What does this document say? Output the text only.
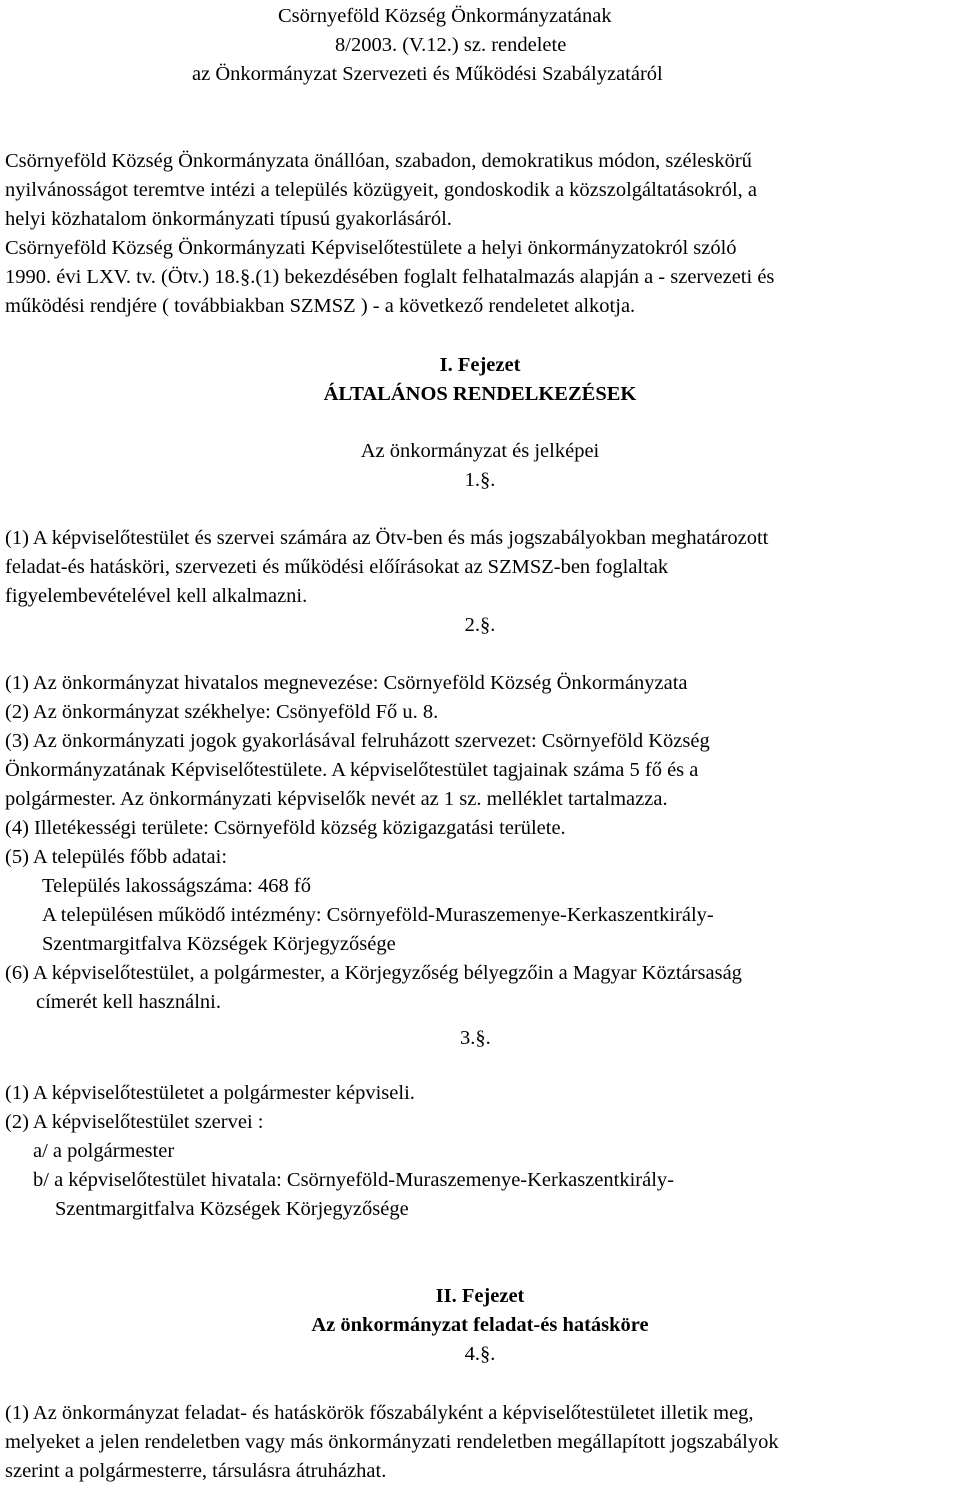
Csörnyeföld Község Önkormányzatának
8/2003. (V.12.) sz. rendelete
az Önkormányzat Szervezeti és Működési Szabályzatáról
Csörnyeföld Község Önkormányzata önállóan, szabadon, demokratikus módon, széleskörű
nyilvánosságot teremtve intézi a település közügyeit, gondoskodik a közszolgáltatásokról, a
helyi közhatalom önkormányzati típusú gyakorlásáról.
Csörnyeföld Község Önkormányzati Képviselőtestülete a helyi önkormányzatokról szóló
1990. évi LXV. tv. (Ötv.) 18.§.(1) bekezdésében foglalt felhatalmazás alapján a - szervezeti és
működési rendjére ( továbbiakban SZMSZ ) - a következő rendeletet alkotja.
I. Fejezet
ÁLTALÁNOS RENDELKEZÉSEK
Az önkormányzat és jelképei
1.§.
(1) A képviselőtestület és szervei számára az Ötv-ben és más jogszabályokban meghatározott
feladat-és hatásköri, szervezeti és működési előírásokat az SZMSZ-ben foglaltak
figyelembevételével kell alkalmazni.
2.§.
(1) Az önkormányzat hivatalos megnevezése: Csörnyeföld Község Önkormányzata
(2) Az önkormányzat székhelye: Csönyeföld Fő u. 8.
(3) Az önkormányzati jogok gyakorlásával felruházott szervezet: Csörnyeföld Község
Önkormányzatának Képviselőtestülete. A képviselőtestület tagjainak száma 5 fő és a
polgármester. Az önkormányzati képviselők nevét az 1 sz. melléklet tartalmazza.
(4) Illetékességi területe: Csörnyeföld község közigazgatási területe.
(5) A település főbb adatai:
Település lakosságszáma: 468 fő
A településen működő intézmény: Csörnyeföld-Muraszemenye-Kerkaszentkirály-
Szentmargitfalva Községek Körjegyzősége
(6) A képviselőtestület, a polgármester, a Körjegyzőség bélyegzőin a Magyar Köztársaság
címerét kell használni.
3.§.
(1) A képviselőtestületet a polgármester képviseli.
(2) A képviselőtestület szervei :
a/ a polgármester
b/ a képviselőtestület hivatala: Csörnyeföld-Muraszemenye-Kerkaszentkirály-
Szentmargitfalva Községek Körjegyzősége
II. Fejezet
Az önkormányzat feladat-és hatásköre
4.§.
(1) Az önkormányzat feladat- és hatáskörök főszabályként a képviselőtestületet illetik meg,
melyeket a jelen rendeletben vagy más önkormányzati rendeletben megállapított jogszabályok
szerint a polgármesterre, társulásra átruházhat.
